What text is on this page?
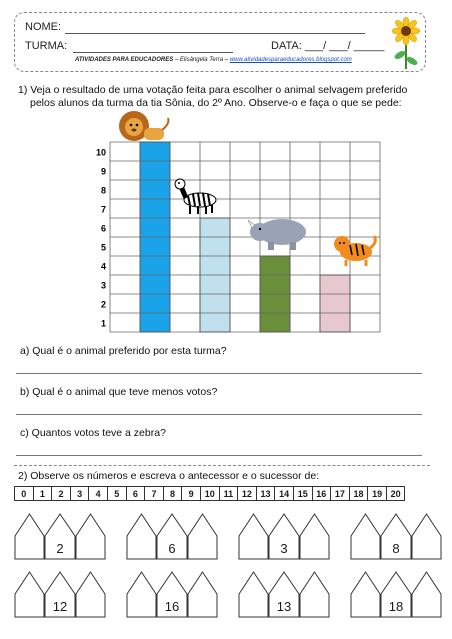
NOME:
TURMA:	DATA: ___/ ___/ _____
ATIVIDADES PARA EDUCADORES – Elisângela Terra – www.atividadesparaeducadores.blogspot.com
1) Veja o resultado de uma votação feita para escolher o animal selvagem preferido
pelos alunos da turma da tia Sônia, do 2º Ano. Observe-o e faça o que se pede:
1
2
3
4
5
6
7
8
9
10
a) Qual é o animal preferido por esta turma?
b) Qual é o animal que teve menos votos?
c) Quantos votos teve a zebra?
2) Observe os números e escreva o antecessor e o sucessor de:
0	1	2	3	4	5	6	7	8	9	10 11 12 13 14 15 16 17 18 19 20
2	6	3	8
12	16	13	18
